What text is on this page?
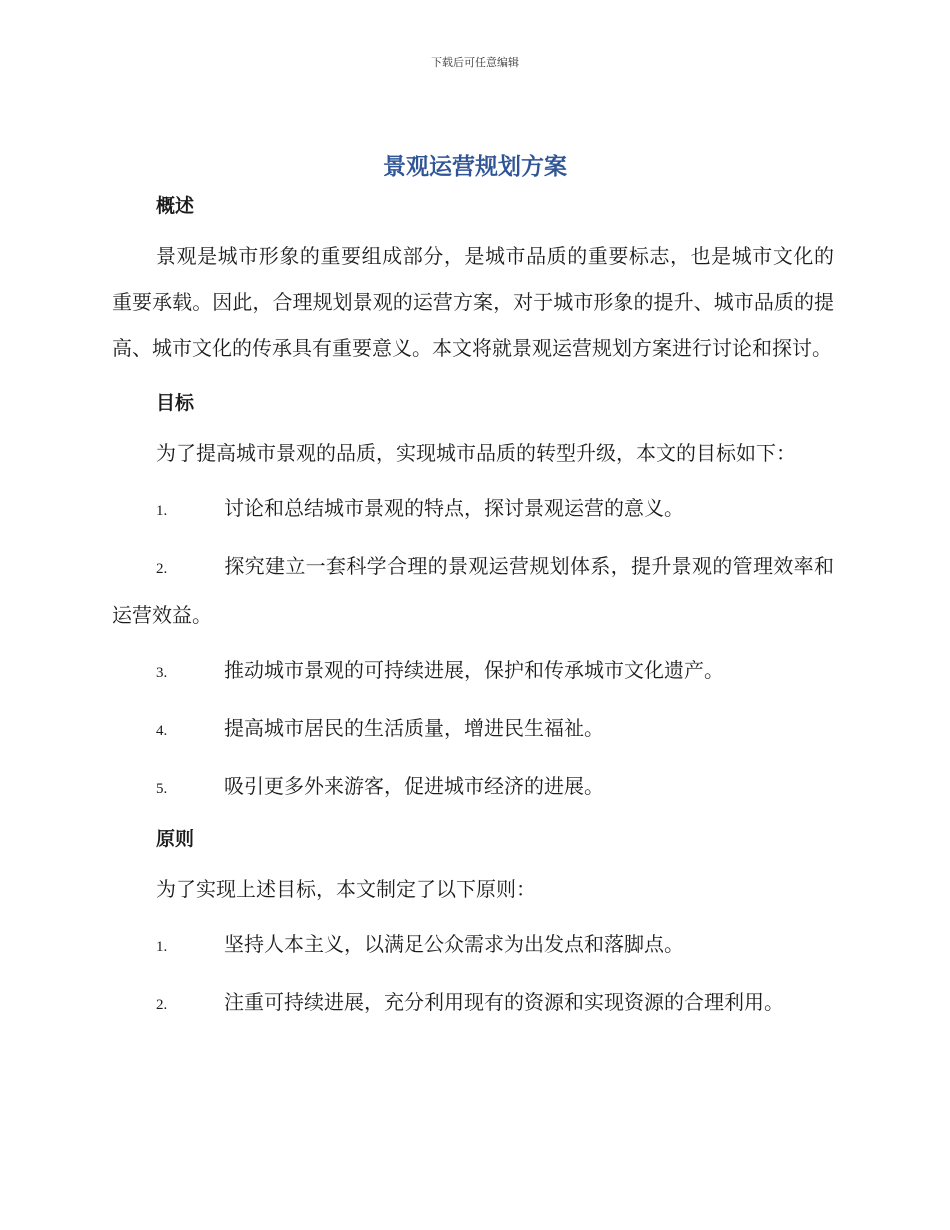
下载后可任意编辑
景观运营规划方案
概述

景观是城市形象的重要组成部分，是城市品质的重要标志，也是城市文化的重要承载。因此，合理规划景观的运营方案，对于城市形象的提升、城市品质的提高、城市文化的传承具有重要意义。本文将就景观运营规划方案进行讨论和探讨。

目标

为了提高城市景观的品质，实现城市品质的转型升级，本文的目标如下：

1.	讨论和总结城市景观的特点，探讨景观运营的意义。

2.	探究建立一套科学合理的景观运营规划体系，提升景观的管理效率和运营效益。

3.	推动城市景观的可持续进展，保护和传承城市文化遗产。

4.	提高城市居民的生活质量，增进民生福祉。

5.	吸引更多外来游客，促进城市经济的进展。

原则

为了实现上述目标，本文制定了以下原则：

1.	坚持人本主义，以满足公众需求为出发点和落脚点。

2.	注重可持续进展，充分利用现有的资源和实现资源的合理利用。
